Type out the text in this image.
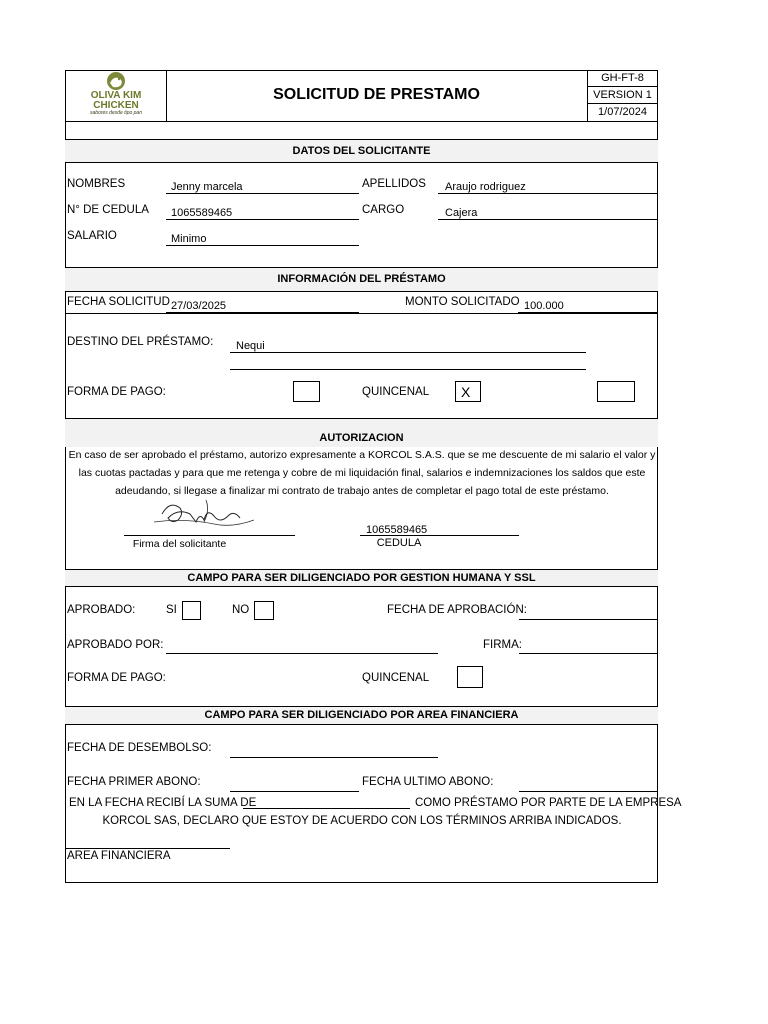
OLIVA KIM CHICKEN
sabores desde tipo pan
SOLICITUD DE PRESTAMO
GH-FT-8
VERSION 1
1/07/2024
DATOS DEL SOLICITANTE
NOMBRES	Jenny marcela	APELLIDOS Araujo rodriguez
N° DE CEDULA 1065589465	CARGO	Cajera
SALARIO	Minimo
INFORMACIÓN DEL PRÉSTAMO
FECHA SOLICITUD 27/03/2025	MONTO SOLICITADO 100.000
DESTINO DEL PRÉSTAMO: Nequi
FORMA DE PAGO:	QUINCENAL X
AUTORIZACION
En caso de ser aprobado el préstamo, autorizo expresamente a KORCOL S.A.S. que se me descuente de mi salario el valor y
las cuotas pactadas y para que me retenga y cobre de mi liquidación final, salarios e indemnizaciones los saldos que este
adeudando, si llegase a finalizar mi contrato de trabajo antes de completar el pago total de este préstamo.
Firma del solicitante
1065589465
CEDULA
CAMPO PARA SER DILIGENCIADO POR GESTION HUMANA Y SSL
APROBADO:	SI	NO	FECHA DE APROBACIÓN:
APROBADO POR:	FIRMA:
FORMA DE PAGO:	QUINCENAL
CAMPO PARA SER DILIGENCIADO POR AREA FINANCIERA
FECHA DE DESEMBOLSO:
FECHA PRIMER ABONO:	FECHA ULTIMO ABONO:
EN LA FECHA RECIBÍ LA SUMA DE	COMO PRÉSTAMO POR PARTE DE LA EMPRESA
KORCOL SAS, DECLARO QUE ESTOY DE ACUERDO CON LOS TÉRMINOS ARRIBA INDICADOS.
AREA FINANCIERA
